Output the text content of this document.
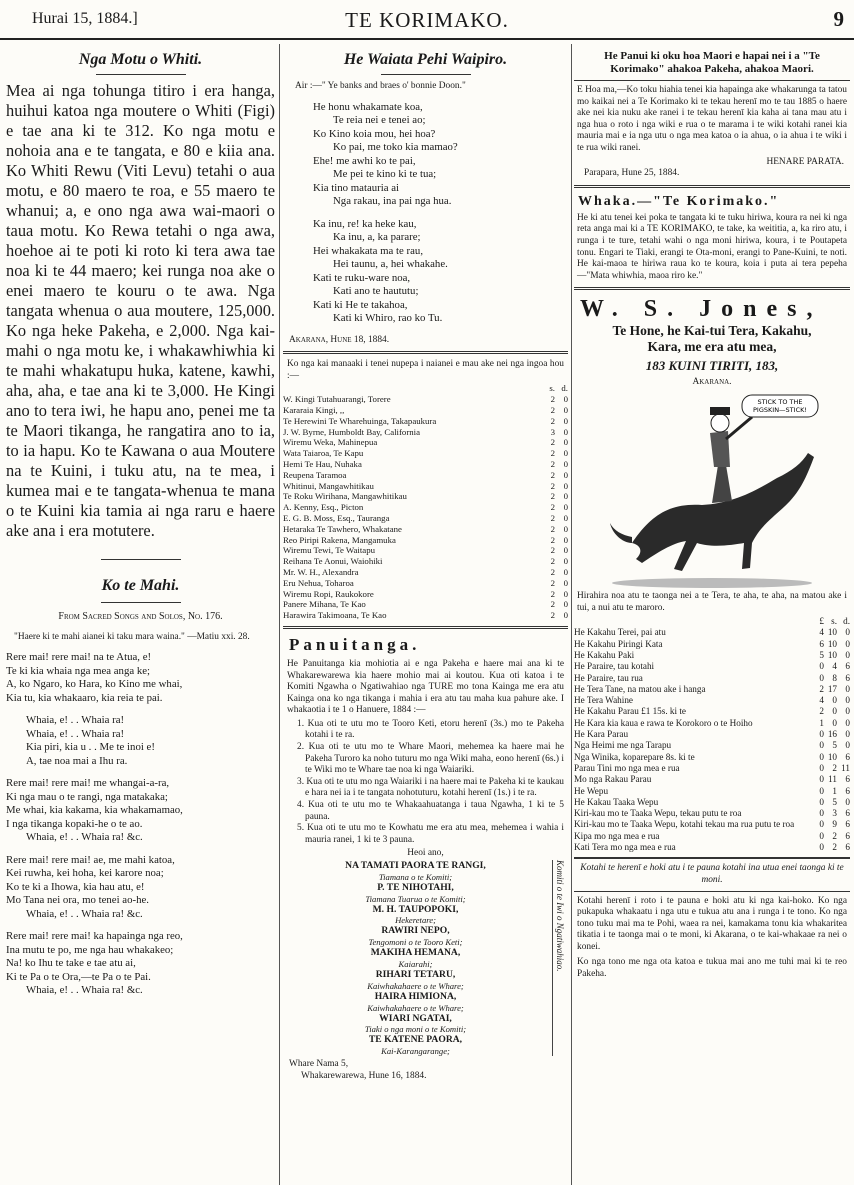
Hurai 15, 1884.]	TE KORIMAKO.	9
Nga Motu o Whiti.
Mea ai nga tohunga titiro i era hanga, huihui katoa nga moutere o Whiti (Figi) e tae ana ki te 312. Ko nga motu e nohoia ana e te tangata, e 80 e kiia ana. Ko Whiti Rewu (Viti Levu) tetahi o aua motu, e 80 maero te roa, e 55 maero te whanui; a, e ono nga awa wai-maori o taua motu. Ko Rewa tetahi o nga awa, hoehoe ai te poti ki roto ki tera awa tae noa ki te 44 maero; kei runga noa ake o enei maero te kouru o te awa. Nga tangata whenua o aua moutere, 125,000. Ko nga heke Pakeha, e 2,000. Nga kai-mahi o nga motu ke, i whakawhiwhia ki te mahi whakatupu huka, katene, kawhi, aha, aha, e tae ana ki te 3,000. He Kingi ano to tera iwi, he hapu ano, penei me ta te Maori tikanga, he rangatira ano to ia, to ia hapu. Ko te Kawana o aua Moutere na te Kuini, i tuku atu, na te mea, i kumea mai e te tangata-whenua te mana o te Kuini kia tamia ai nga raru e haere ake ana i era motutere.
Ko te Mahi.
From Sacred Songs and Solos, No. 176.
"Haere ki te mahi aianei ki taku mara waina." —Matiu xxi. 28.
Rere mai! rere mai! na te Atua, e!
Te ki kia whaia nga mea anga ke;
A, ko Ngaro, ko Hara, ko Kino me whai,
Kia tu, kia whakaaro, kia reia te pai.
Whaia, e! . . Whaia ra!
Whaia, e! . . Whaia ra!
Kia piri, kia u . . Me te inoi e!
A, tae noa mai a Ihu ra.
Rere mai! rere mai! me whangai-a-ra,
Ki nga mau o te rangi, nga matakaka;
Me whai, kia kakama, kia whakamamao,
I nga tikanga kopaki-he o te ao.
Whaia, e! . . Whaia ra! &c.
Rere mai! rere mai! ae, me mahi katoa,
Kei ruwha, kei hoha, kei karore noa;
Ko te ki a Ihowa, kia hau atu, e!
Mo Tana nei ora, mo tenei ao-he.
Whaia, e! . . Whaia ra! &c.
Rere mai! rere mai! ka hapainga nga reo,
Ina mutu te po, me nga hau whakakeo;
Na! ko Ihu te take e tae atu ai,
Ki te Pa o te Ora,—te Pa o te Pai.
Whaia, e! . . Whaia ra! &c.
He Waiata Pehi Waipiro.
Air :—" Ye banks and braes o' bonnie Doon."
He honu whakamate koa,
Te reia nei e tenei ao;
Ko Kino koia mou, hei hoa?
Ko pai, me toko kia mamao?
Ehe! me awhi ko te pai,
Me pei te kino ki te tua;
Kia tino matauria ai
Nga rakau, ina pai nga hua.
Ka inu, re! ka heke kau,
Ka inu, a, ka parare;
Hei whakakata ma te rau,
Hei taunu, a, hei whakahe.
Kati te ruku-ware noa,
Kati ano te haututu;
Kati ki He te takahoa,
Kati ki Whiro, rao ko Tu.
Akarana, Hune 18, 1884.
Ko nga kai manaaki i tenei nupepa i naianei e mau ake nei nga ingoa hou :—
	s.	d.
W. Kingi Tutahuarangi, Torere	2	0
Kararaia Kingi, ,,	2	0
Te Herewini Te Wharehuinga, Takapaukura	2	0
J. W. Byrne, Humboldt Bay, California	3	0
Wiremu Weka, Mahinepua	2	0
Wata Taiaroa, Te Kapu	2	0
Hemi Te Hau, Nuhaka	2	0
Reupena Taramoa	2	0
Whitinui, Mangawhitikau	2	0
Te Roku Wirihana, Mangawhitikau	2	0
A. Kenny, Esq., Picton	2	0
E. G. B. Moss, Esq., Tauranga	2	0
Hetaraka Te Tawhero, Whakatane	2	0
Reo Piripi Rakena, Mangamuka	2	0
Wiremu Tewi, Te Waitapu	2	0
Reihana Te Aonui, Waiohiki	2	0
Mr. W. H., Alexandra	2	0
Eru Nehua, Toharoa	2	0
Wiremu Ropi, Raukokore	2	0
Panere Mihana, Te Kao	2	0
Harawira Takimoana, Te Kao	2	0
Panuitanga.
He Panuitanga kia mohiotia ai e nga Pakeha e haere mai ana ki te Whakarewarewa kia haere mohio mai ai koutou. Kua oti katoa i te Komiti Ngawha o Ngatiwahiao nga TURE mo tona Kainga me era atu Kainga ona ko nga tikanga i mahia i era atu tau maha kua pahure ake. I whakaotia i te 1 o Hanuere, 1884 :—
1. Kua oti te utu mo te Tooro Keti, etoru herenī (3s.) mo te Pakeha kotahi i te ra.
2. Kua oti te utu mo te Whare Maori, mehemea ka haere mai he Pakeha Turoro ka noho tuturu mo nga Wiki maha, eono herenī (6s.) i te Wiki mo te Whare tae noa ki nga Waiariki.
3. Kua oti te utu mo nga Waiariki i na haere mai te Pakeha ki te kaukau e hara nei ia i te tangata nohotuturu, kotahi herenī (1s.) i te ra.
4. Kua oti te utu mo te Whakaahuatanga i taua Ngawha, 1 ki te 5 pauna.
5. Kua oti te utu mo te Kowhatu me era atu mea, mehemea i wahia i mauria ranei, 1 ki te 3 pauna.
Heoi ano,
NA TAMATI PAORA TE RANGI,
Tiamana o te Komiti;
P. TE NIHOTAHI,
Tiamana Tuarua o te Komiti;
M. H. TAUPOPOKI,
Hekeretare;
RAWIRI NEPO,
Tengomoni o te Tooro Keti;
MAKIHA HEMANA,
Kaiarahi;
RIHARI TETARU,
Kaiwhakahaere o te Whare;
HAIRA HIMIONA,
Kaiwhakahaere o te Whare;
WIARI NGATAI,
Tiaki o nga moni o te Komiti;
TE KATENE PAORA,
Kai-Karangarange;
Komiti o te Iwi o Ngatiwahiao.
Whare Nama 5,
Whakarewarewa, Hune 16, 1884.
He Panui ki oku hoa Maori e hapai nei i a "Te Korimako" ahakoa Pakeha, ahakoa Maori.
E Hoa ma,—Ko toku hiahia tenei kia hapainga ake whakarunga ta tatou mo kaikai nei a Te Korimako ki te tekau herenī mo te tau 1885 o haere ake nei kia nuku ake ranei i te tekau herenī kia kaha ai tana mau atu i nga hua o roto i nga wiki e rua o te marama i te wiki kotahi ranei kia mauria mai e ia nga utu o nga mea katoa o ia ahua, o ia ahua i te wiki i te rua wiki ranei.
HENARE PARATA.
Parapara, Hune 25, 1884.
Whaka.—"Te Korimako."
He ki atu tenei kei poka te tangata ki te tuku hiriwa, koura ra nei ki nga reta anga mai ki a TE KORIMAKO, te take, ka weititia, a, ka riro atu, i runga i te ture, tetahi wahi o nga moni hiriwa, koura, i te Poutapeta tonu. Engari te Tiaki, erangi te Ota-moni, erangi to Pane-Kuini, te noti. He kai-maoa te hiriwa raua ko te koura, koia i puta ai tera pepeha—"Mata whiwhia, maoa riro ke."
W. S. Jones,
Te Hone, he Kai-tui Tera, Kakahu,
Kara, me era atu mea,
183 KUINI TIRITI, 183,
Akarana.
STICK TO THE
PIGSKIN—STICK!
Hirahira noa atu te taonga nei a te Tera, te aha, te aha, na matou ake i tui, a nui atu te maroro.
	£	s.	d.
He Kakahu Terei, pai atu	4	10	0
He Kakahu Piringi Kata	6	10	0
He Kakahu Paki	5	10	0
He Paraire, tau kotahi	0	4	6
He Paraire, tau rua	0	8	6
He Tera Tane, na matou ake i hanga	2	17	0
He Tera Wahine	4	0	0
He Kakahu Parau £1 15s. ki te	2	0	0
He Kara kia kaua e rawa te Korokoro o te Hoiho	1	0	0
He Kara Parau	0	16	0
Nga Heimi me nga Tarapu	0	5	0
Nga Winika, koparepare 8s. ki te	0	10	6
Parau Tini mo nga mea e rua	0	2	11
Mo nga Rakau Parau	0	11	6
He Wepu	0	1	6
He Kakau Taaka Wepu	0	5	0
Kiri-kau mo te Taaka Wepu, tekau putu te roa	0	3	6
Kiri-kau mo te Taaka Wepu, kotahi tekau ma rua putu te roa	0	9	6
Kipa mo nga mea e rua	0	2	6
Kati Tera mo nga mea e rua	0	2	6
Kotahi te herenī e hoki atu i te pauna kotahi ina utua enei taonga ki te moni.
Kotahi herenī i roto i te pauna e hoki atu ki nga kai-hoko. Ko nga pukapuka whakaatu i nga utu e tukua atu ana i runga i te tono. Ko nga tono tuku mai ma te Pohi, waea ra nei, kamakama tonu kia whakaritea tikatia i te taonga mai o te moni, ki Akarana, o te kai-whakaae ra nei o konei.
Ko nga tono me nga ota katoa e tukua mai ano me tuhi mai ki te reo Pakeha.
